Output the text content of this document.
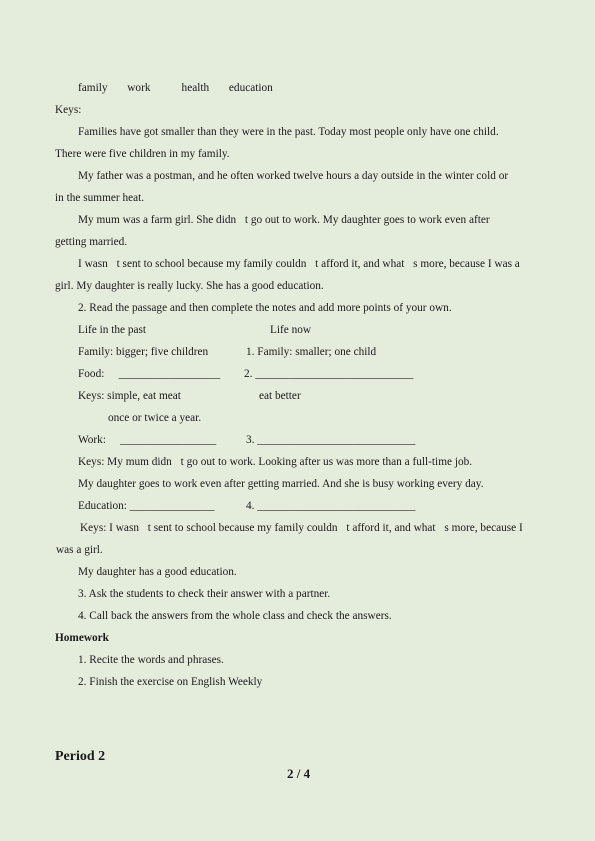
family       work           health       education
Keys:
Families have got smaller than they were in the past. Today most people only have one child.
There were five children in my family.
My father was a postman, and he often worked twelve hours a day outside in the winter cold or
in the summer heat.
My mum was a farm girl. She didn t go out to work. My daughter goes to work even after
getting married.
I wasn t sent to school because my family couldn t afford it, and what s more, because I was a
girl. My daughter is really lucky. She has a good education.
2. Read the passage and then complete the notes and add more points of your own.
Life in the past	Life now
Family: bigger; five children	1. Family: smaller; one child
Food:     __________________ 2. ____________________________
Keys: simple, eat meat	eat better
once or twice a year.
Work:     _________________	3. ____________________________
Keys: My mum didn t go out to work. Looking after us was more than a full-time job.
My daughter goes to work even after getting married. And she is busy working every day.
Education: _______________	4. ____________________________
Keys: I wasn t sent to school because my family couldn t afford it, and what s more, because I
was a girl.
My daughter has a good education.
3. Ask the students to check their answer with a partner.
4. Call back the answers from the whole class and check the answers.
Homework
1. Recite the words and phrases.
2. Finish the exercise on English Weekly
Period 2
2 / 4
